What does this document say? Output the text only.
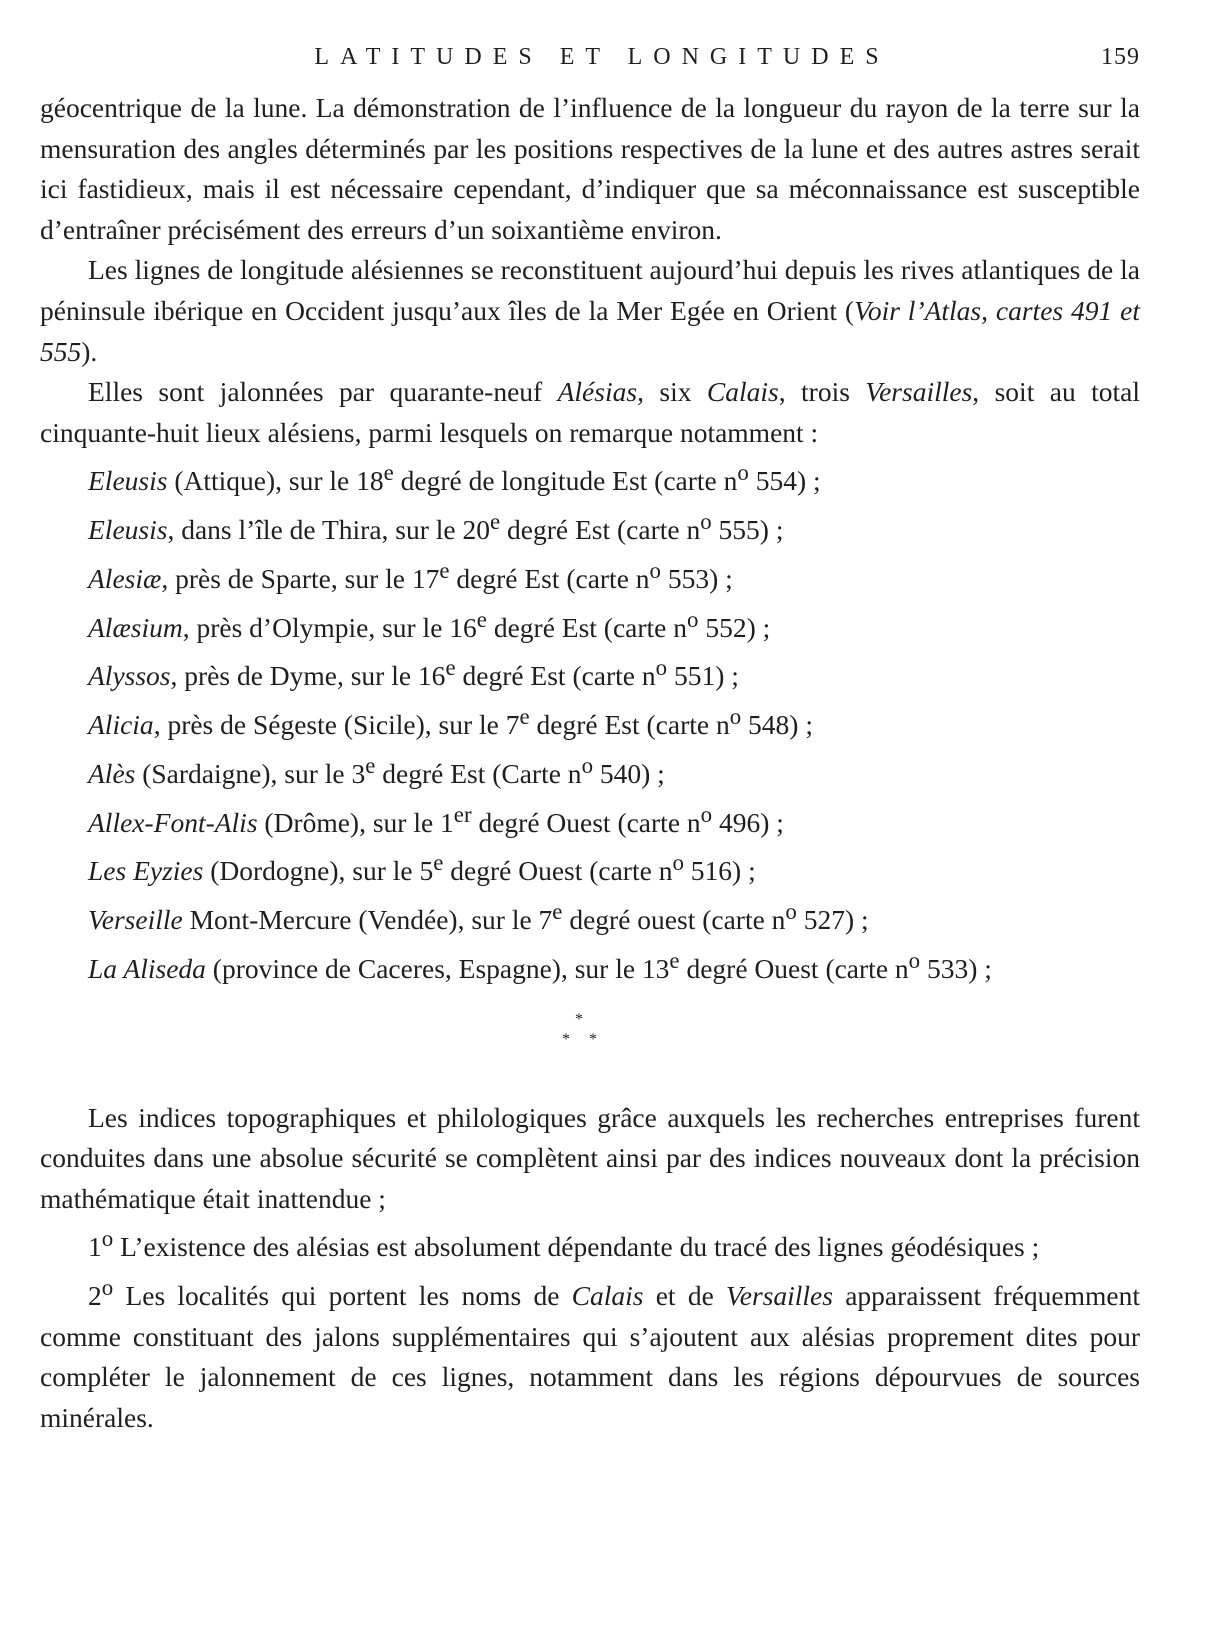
LATITUDES ET LONGITUDES	159

géocentrique de la lune. La démonstration de l’influence de la longueur du rayon de la terre sur la mensuration des angles déterminés par les positions respectives de la lune et des autres astres serait ici fastidieux, mais il est nécessaire cependant, d’indiquer que sa méconnaissance est susceptible d’entraîner précisément des erreurs d’un soixantième environ.

Les lignes de longitude alésiennes se reconstituent aujourd’hui depuis les rives atlantiques de la péninsule ibérique en Occident jusqu’aux îles de la Mer Egée en Orient (Voir l’Atlas, cartes 491 et 555).

Elles sont jalonnées par quarante-neuf Alésias, six Calais, trois Versailles, soit au total cinquante-huit lieux alésiens, parmi lesquels on remarque notamment :

Eleusis (Attique), sur le 18e degré de longitude Est (carte $n^o$ 554) ;
Eleusis, dans l’île de Thira, sur le 20e degré Est (carte $n^o$ 555) ;
Alesiæ, près de Sparte, sur le 17e degré Est (carte $n^o$ 553) ;
Alæsium, près d’Olympie, sur le 16e degré Est (carte $n^o$ 552) ;
Alyssos, près de Dyme, sur le 16e degré Est (carte $n^o$ 551) ;
Alicia, près de Ségeste (Sicile), sur le 7e degré Est (carte $n^o$ 548) ;
Alès (Sardaigne), sur le 3e degré Est (Carte $n^o$ 540) ;
Allex-Font-Alis (Drôme), sur le 1er degré Ouest (carte $n^o$ 496) ;
Les Eyzies (Dordogne), sur le 5e degré Ouest (carte $n^o$ 516) ;
Verseille Mont-Mercure (Vendée), sur le 7e degré ouest (carte $n^o$ 527) ;
La Aliseda (province de Caceres, Espagne), sur le 13e degré Ouest (carte $n^o$ 533) ;
*
* *

Les indices topographiques et philologiques grâce auxquels les recherches entreprises furent conduites dans une absolue sécurité se complètent ainsi par des indices nouveaux dont la précision mathématique était inattendue ;

1$^o$ L’existence des alésias est absolument dépendante du tracé des lignes géodésiques ;

2$^o$ Les localités qui portent les noms de Calais et de Versailles apparaissent fréquemment comme constituant des jalons supplémentaires qui s’ajoutent aux alésias proprement dites pour compléter le jalonnement de ces lignes, notamment dans les régions dépourvues de sources minérales.
